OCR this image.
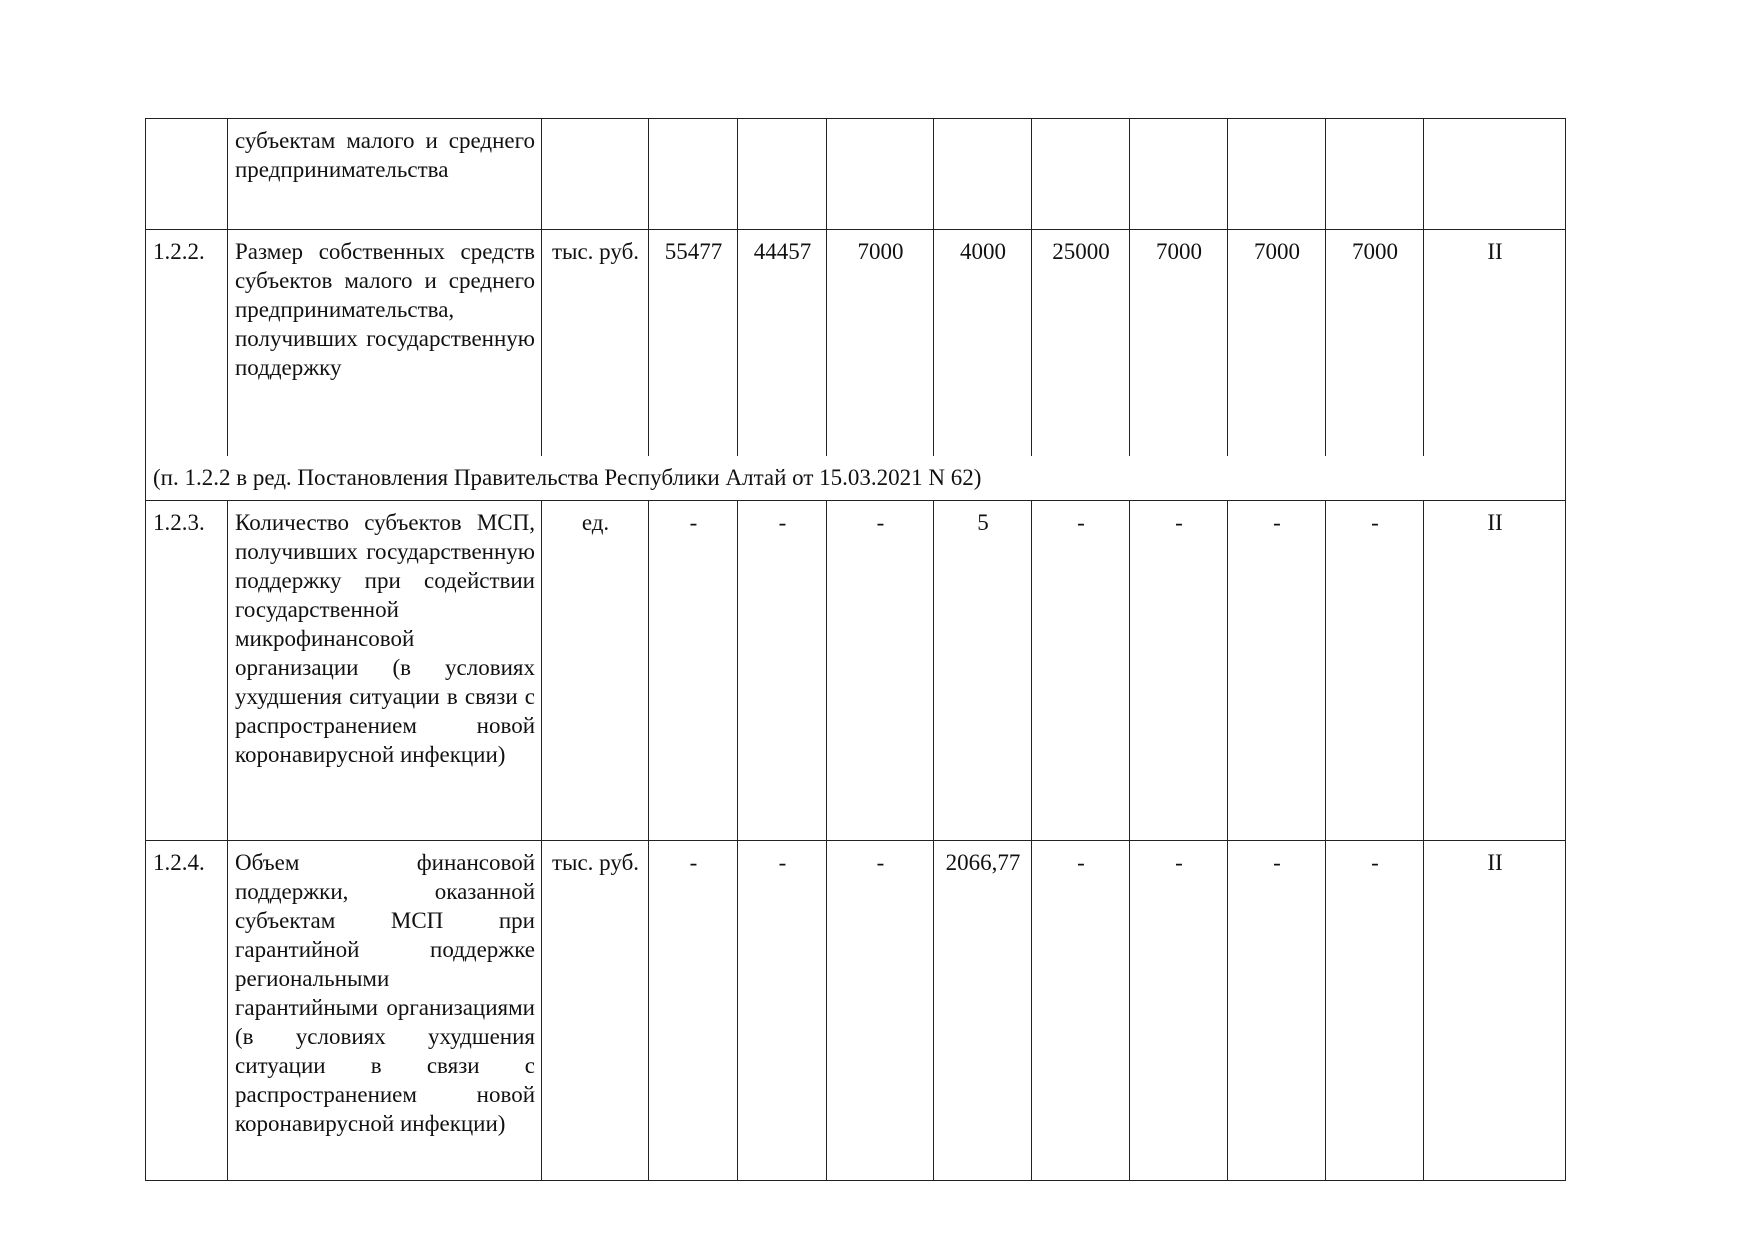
	субъектам малого и среднего предпринимательства										

1.2.2.	Размер собственных средств субъектов малого и среднего предпринимательства, получивших государственную поддержку	тыс. руб.	55477	44457	7000	4000	25000	7000	7000	7000	II
(п. 1.2.2 в ред. Постановления Правительства Республики Алтай от 15.03.2021 N 62)											
1.2.3.	Количество субъектов МСП, получивших государственную поддержку при содействии государственной микрофинансовой организации (в условиях ухудшения ситуации в связи с распространением новой коронавирусной инфекции)	ед.	-	-	-	5	-	-	-	-	II
1.2.4.	Объем финансовой поддержки, оказанной субъектам МСП при гарантийной поддержке региональными гарантийными организациями (в условиях ухудшения ситуации в связи с распространением новой коронавирусной инфекции)	тыс. руб.	-	-	-	2066,77	-	-	-	-	II
